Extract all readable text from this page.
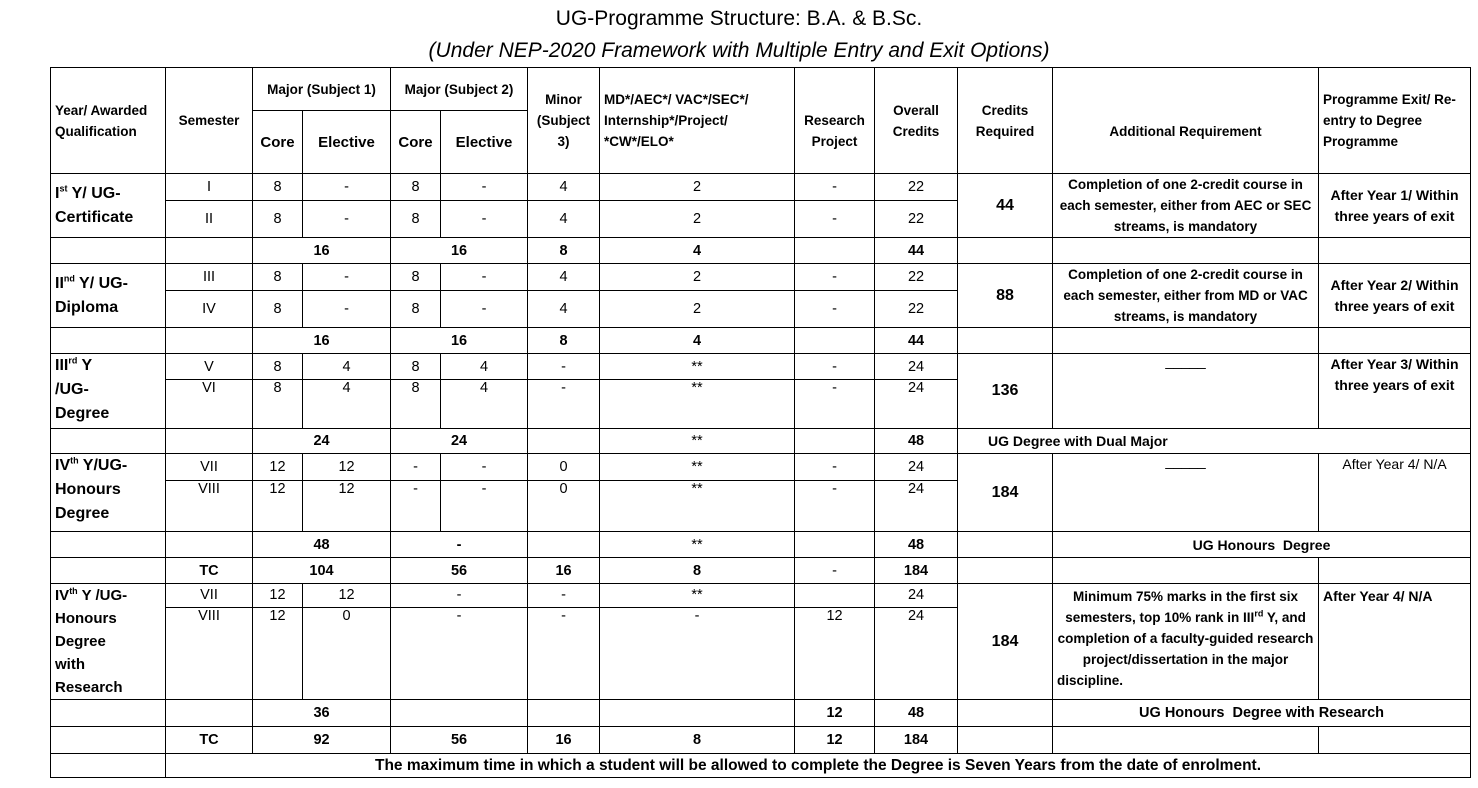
UG-Programme Structure: B.A. & B.Sc.
(Under NEP-2020 Framework with Multiple Entry and Exit Options)
Year/ Awarded Qualification	Semester	Major (Subject 1)		Major (Subject 2)		Minor (Subject 3)	MD*/AEC*/ VAC*/SEC*/ Internship*/Project/ *CW*/ELO*	Research Project	Overall Credits	Credits Required	Additional Requirement	Programme Exit/ Re-entry to Degree Programme
		Core	Elective	Core	Elective							
Ist Y/ UG-
Certificate	I	8	-	8	-	4	2	-	22	44	Completion of one 2-credit course in each semester, either from AEC or SEC streams, is mandatory	After Year 1/ Within three years of exit
	II	8	-	8	-	4	2	-	22			
		16		16		8	4		44			
IInd Y/ UG-
Diploma	III	8	-	8	-	4	2	-	22	88	Completion of one 2-credit course in each semester, either from MD or VAC streams, is mandatory	After Year 2/ Within three years of exit
	IV	8	-	8	-	4	2	-	22			
		16		16		8	4		44			
IIIrd Y
/UG-
Degree	V	8	4	8	4	-	**	-	24	136	_____	After Year 3/ Within three years of exit
	VI	8	4	8	4	-	**	-	24			
		24		24			**		48	UG Degree with Dual Major		
IVth Y/UG-
Honours
Degree	VII	12	12	-	-	0	**	-	24	184	_____	After Year 4/ N/A
	VIII	12	12	-	-	0	**	-	24			
		48		-			**		48		UG Honours  Degree	
	TC	104		56		16	8	-	184			
IVth Y /UG-
Honours
Degree
with
Research	VII	12	12	-		-	**		24	184	Minimum 75% marks in the first six semesters, top 10% rank in IIIrd Y, and completion of a faculty-guided research project/dissertation in the major discipline.	After Year 4/ N/A
	VIII	12	0	-		-	-	12	24			
		36						12	48		UG Honours  Degree with Research	
	TC	92		56		16	8	12	184			
	The maximum time in which a student will be allowed to complete the Degree is Seven Years from the date of enrolment.											
